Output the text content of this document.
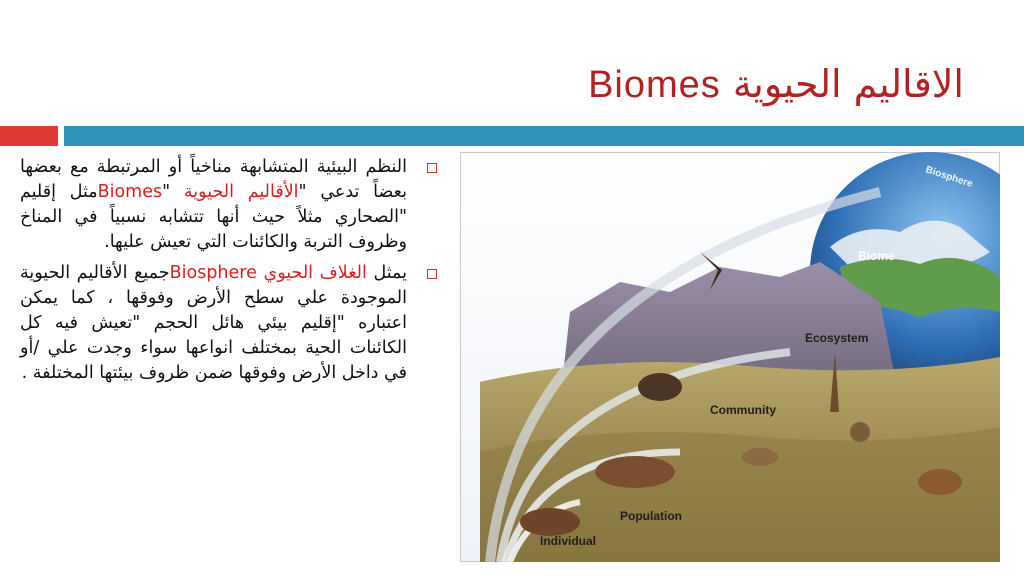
الاقاليم الحيوية Biomes
النظم البيئية المتشابهة مناخياً أو المرتبطة مع بعضها بعضاً تدعي "الأقاليم الحيوية "Biomesمثل إقليم "الصحاري مثلاً حيث أنها تتشابه نسبياً في المناخ وظروف التربة والكائنات التي تعيش عليها.
يمثل الغلاف الحيوي Biosphereجميع الأقاليم الحيوية الموجودة علي سطح الأرض وفوقها ، كما يمكن اعتباره "إقليم بيئي هائل الحجم "تعيش فيه كل الكائنات الحية بمختلف انواعها سواء وجدت علي /أو في داخل الأرض وفوقها ضمن ظروف بيئتها المختلفة .
Biosphere
Biome
Ecosystem
Community
Population
Individual
